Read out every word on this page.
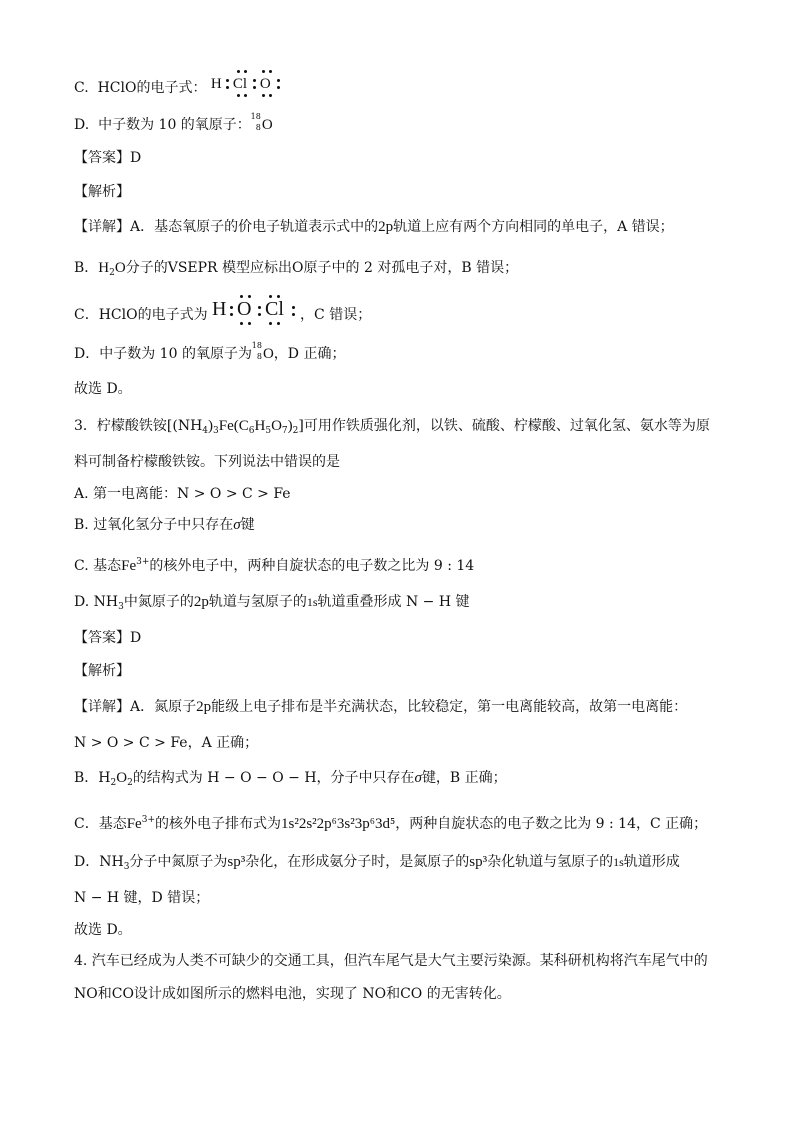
C. HClO的电子式： H Cl O
D. 中子数为 10 的氧原子：
18
8 O
【答案】D
【解析】
【详解】A．基态氧原子的价电子轨道表示式中的2p轨道上应有两个方向相同的单电子，A 错误；
B．$H_2O$分子的VSEPR 模型应标出O原子中的 2 对孤电子对，B 错误；
C．HClO的电子式为 H O Cl ，C 错误；
D．中子数为 10 的氧原子为
18
8 O，D 正确；
故选 D。
3．柠檬酸铁铵$[(NH_4)_3Fe(C_6H_5O_7)_2]$可用作铁质强化剂，以铁、硫酸、柠檬酸、过氧化氢、氨水等为原
料可制备柠檬酸铁铵。下列说法中错误的是
A. 第一电离能：N > O > C > Fe
B. 过氧化氢分子中只存在σ键
C. 基态$Fe^{3+}$的核外电子中，两种自旋状态的电子数之比为 9 : 14
D. $NH_3$中氮原子的2p轨道与氢原子的1s轨道重叠形成 N − H 键
【答案】D
【解析】
【详解】A．氮原子2p能级上电子排布是半充满状态，比较稳定，第一电离能较高，故第一电离能：
N > O > C > Fe，A 正确；
B．$H_2O_2$的结构式为 H − O − O − H，分子中只存在σ键，B 正确；
C．基态$Fe^{3+}$的核外电子排布式为1s²2s²2p⁶3s²3p⁶3d⁵，两种自旋状态的电子数之比为 9 : 14，C 正确；
D．$NH_3$分子中氮原子为sp³杂化，在形成氨分子时，是氮原子的sp³杂化轨道与氢原子的1s轨道形成
N − H 键，D 错误；
故选 D。
4. 汽车已经成为人类不可缺少的交通工具，但汽车尾气是大气主要污染源。某科研机构将汽车尾气中的
NO和CO设计成如图所示的燃料电池，实现了 NO和CO 的无害转化。
